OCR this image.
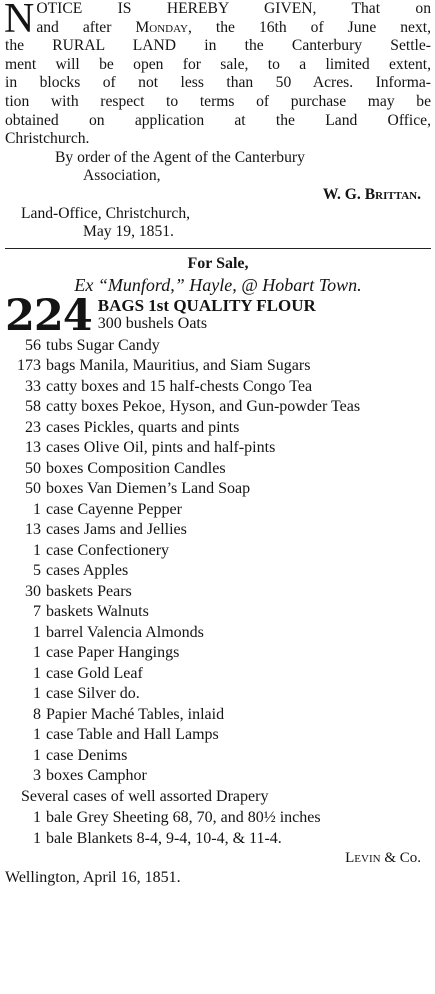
N OTICE IS HEREBY GIVEN, That on
and after Monday, the 16th of June next,
the RURAL LAND in the Canterbury Settle-
ment will be open for sale, to a limited extent,
in blocks of not less than 50 Acres. Informa-
tion with respect to terms of purchase may be
obtained on application at the Land Office,
Christchurch.
By order of the Agent of the Canterbury
Association,
W. G. Brittan.
Land-Office, Christchurch,
May 19, 1851.
For Sale,
Ex “Munford,” Hayle, @ Hobart Town.
224 BAGS 1st QUALITY FLOUR
300 bushels Oats
56 tubs Sugar Candy
173 bags Manila, Mauritius, and Siam Sugars
33 catty boxes and 15 half-chests Congo Tea
58 catty boxes Pekoe, Hyson, and Gun-powder Teas
23 cases Pickles, quarts and pints
13 cases Olive Oil, pints and half-pints
50 boxes Composition Candles
50 boxes Van Diemen’s Land Soap
1 case Cayenne Pepper
13 cases Jams and Jellies
1 case Confectionery
5 cases Apples
30 baskets Pears
7 baskets Walnuts
1 barrel Valencia Almonds
1 case Paper Hangings
1 case Gold Leaf
1 case Silver do.
8 Papier Maché Tables, inlaid
1 case Table and Hall Lamps
1 case Denims
3 boxes Camphor
Several cases of well assorted Drapery
1 bale Grey Sheeting 68, 70, and 80½ inches
1 bale Blankets 8-4, 9-4, 10-4, & 11-4.
Levin & Co.
Wellington, April 16, 1851.
